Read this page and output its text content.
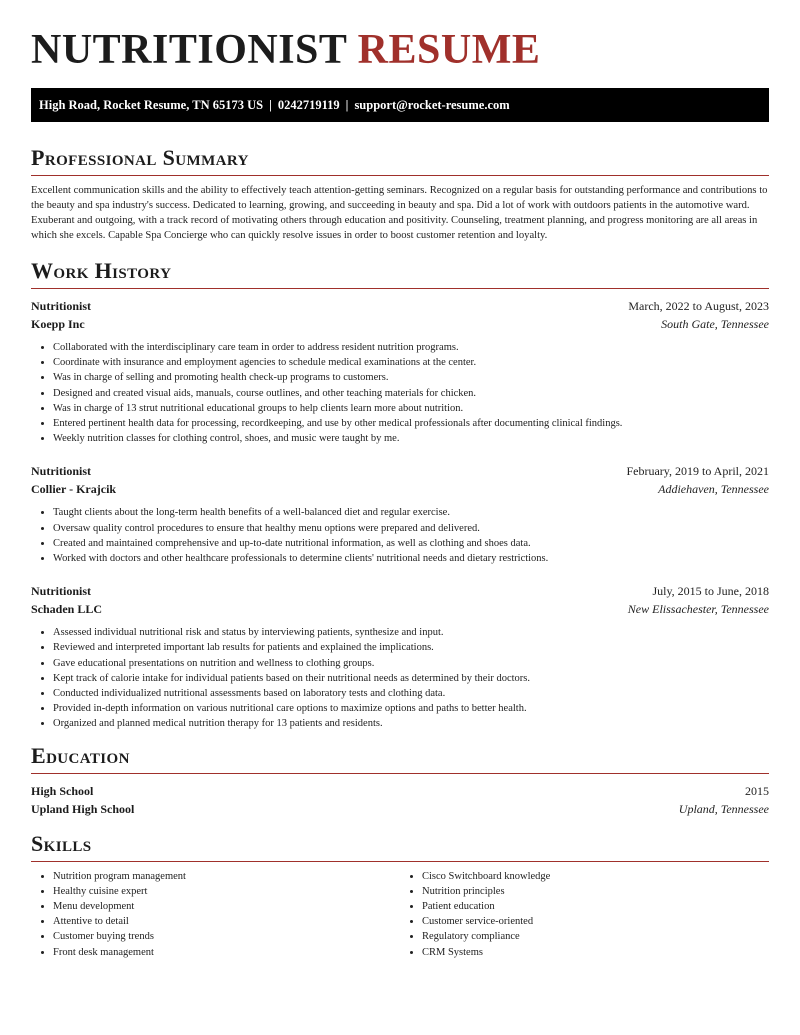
NUTRITIONIST RESUME
High Road, Rocket Resume, TN 65173 US | 0242719119 | support@rocket-resume.com
Professional Summary

Excellent communication skills and the ability to effectively teach attention-getting seminars. Recognized on a regular basis for outstanding performance and contributions to the beauty and spa industry's success. Dedicated to learning, growing, and succeeding in beauty and spa. Did a lot of work with outdoors patients in the automotive ward. Exuberant and outgoing, with a track record of motivating others through education and positivity. Counseling, treatment planning, and progress monitoring are all areas in which she excels. Capable Spa Concierge who can quickly resolve issues in order to boost customer retention and loyalty.

Work History
Nutritionist	March, 2022 to August, 2023
Koepp Inc	South Gate, Tennessee
• Collaborated with the interdisciplinary care team in order to address resident nutrition programs.
• Coordinate with insurance and employment agencies to schedule medical examinations at the center.
• Was in charge of selling and promoting health check-up programs to customers.
• Designed and created visual aids, manuals, course outlines, and other teaching materials for chicken.
• Was in charge of 13 strut nutritional educational groups to help clients learn more about nutrition.
• Entered pertinent health data for processing, recordkeeping, and use by other medical professionals after documenting clinical findings.
• Weekly nutrition classes for clothing control, shoes, and music were taught by me.
Nutritionist	February, 2019 to April, 2021
Collier - Krajcik	Addiehaven, Tennessee
• Taught clients about the long-term health benefits of a well-balanced diet and regular exercise.
• Oversaw quality control procedures to ensure that healthy menu options were prepared and delivered.
• Created and maintained comprehensive and up-to-date nutritional information, as well as clothing and shoes data.
• Worked with doctors and other healthcare professionals to determine clients' nutritional needs and dietary restrictions.
Nutritionist	July, 2015 to June, 2018
Schaden LLC	New Elissachester, Tennessee
• Assessed individual nutritional risk and status by interviewing patients, synthesize and input.
• Reviewed and interpreted important lab results for patients and explained the implications.
• Gave educational presentations on nutrition and wellness to clothing groups.
• Kept track of calorie intake for individual patients based on their nutritional needs as determined by their doctors.
• Conducted individualized nutritional assessments based on laboratory tests and clothing data.
• Provided in-depth information on various nutritional care options to maximize options and paths to better health.
• Organized and planned medical nutrition therapy for 13 patients and residents.
Education
High School	2015
Upland High School	Upland, Tennessee
Skills
• Nutrition program management
• Healthy cuisine expert
• Menu development
• Attentive to detail
• Customer buying trends
• Front desk management
• Cisco Switchboard knowledge
• Nutrition principles
• Patient education
• Customer service-oriented
• Regulatory compliance
• CRM Systems
